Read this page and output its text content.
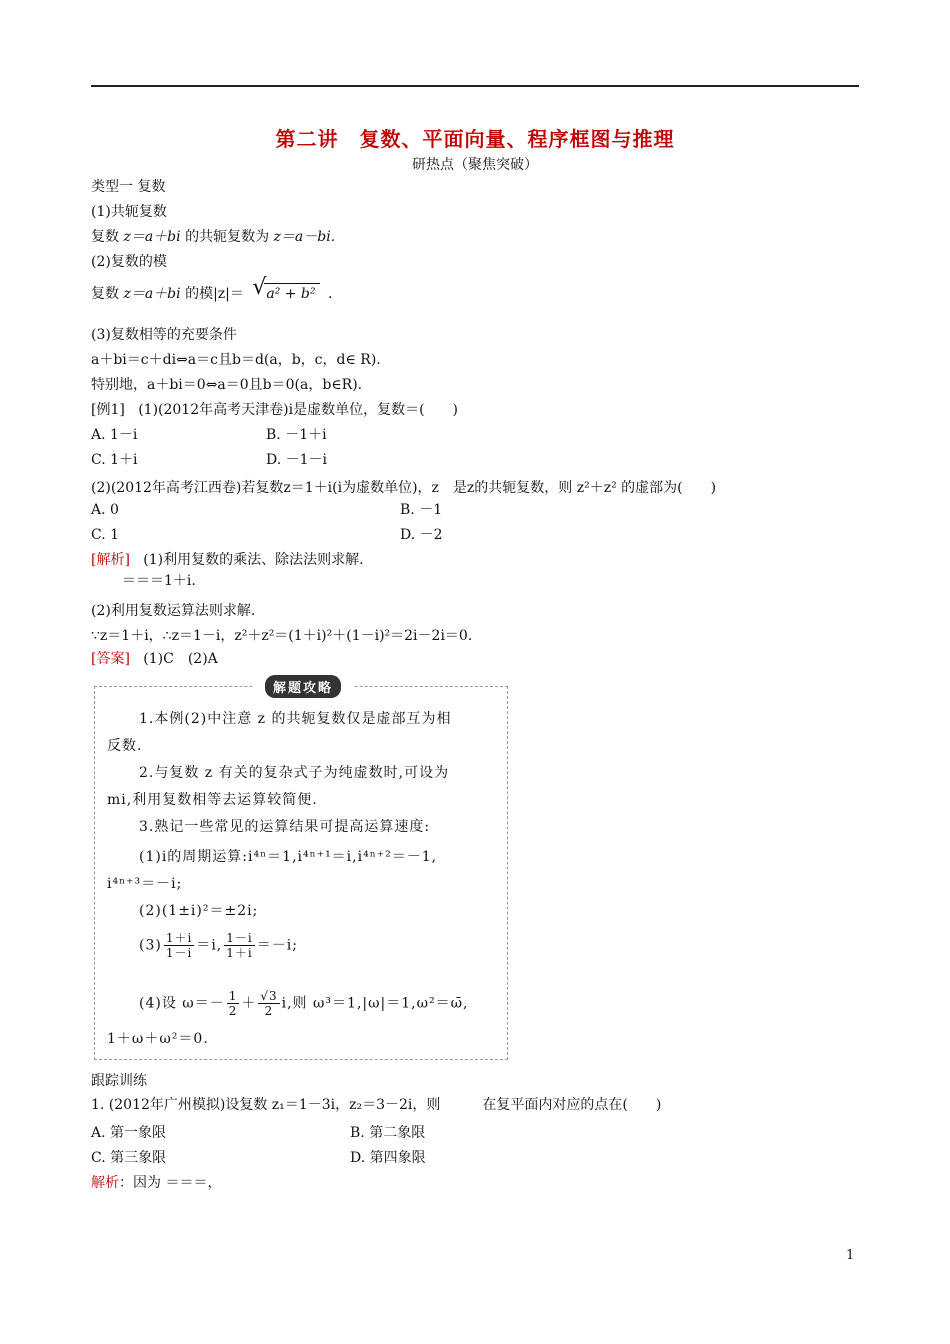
第二讲　复数、平面向量、程序框图与推理
研热点（聚焦突破）
类型一 复数
(1)共轭复数
复数 z＝a＋bi 的共轭复数为 z＝a－bi.
(2)复数的模
复数 z＝a＋bi 的模|z|＝ √ a² + b² .
(3)复数相等的充要条件
a＋bi＝c＋di⇔a＝c且b＝d(a，b，c，d∈ R).
特别地，a＋bi＝0⇔a＝0且b＝0(a，b∈R).
[例1] (1)(2012年高考天津卷)i是虚数单位，复数＝(　　)
A. 1－i	B. －1＋i
C. 1＋i	D. －1－i
(2)(2012年高考江西卷)若复数z＝1＋i(i为虚数单位)，z　是z的共轭复数，则 z²＋z² 的虚部为(　　)
A. 0	B. －1
C. 1	D. －2
[解析] (1)利用复数的乘法、除法法则求解.
＝＝＝1＋i.
(2)利用复数运算法则求解.
∵z＝1＋i，∴z＝1－i，z²＋z²＝(1＋i)²＋(1－i)²＝2i－2i＝0.
[答案] (1)C　(2)A
解题攻略
1.本例(2)中注意 z 的共轭复数仅是虚部互为相
反数.
2.与复数 z 有关的复杂式子为纯虚数时,可设为
mi,利用复数相等去运算较简便.
3.熟记一些常见的运算结果可提高运算速度:
(1)i的周期运算:i⁴ⁿ＝1,i⁴ⁿ⁺¹＝i,i⁴ⁿ⁺²＝－1,
i⁴ⁿ⁺³＝－i;
(2)(1±i)²＝±2i;
$(3) \frac{1+i}{1-i} =i$, $\frac{1-i}{1+i} =-i$;
(4)设 $\omega=- \frac{1}{2} + \frac{√3}{2} i$,则 ω³＝1,|ω|＝1,ω²＝ω̄,
1＋ω＋ω²＝0.
跟踪训练
1. (2012年广州模拟)设复数 z₁＝1－3i，z₂＝3－2i，则　　　在复平面内对应的点在(　　)
A. 第一象限	B. 第二象限
C. 第三象限	D. 第四象限
解析：因为 ＝＝＝，
1
